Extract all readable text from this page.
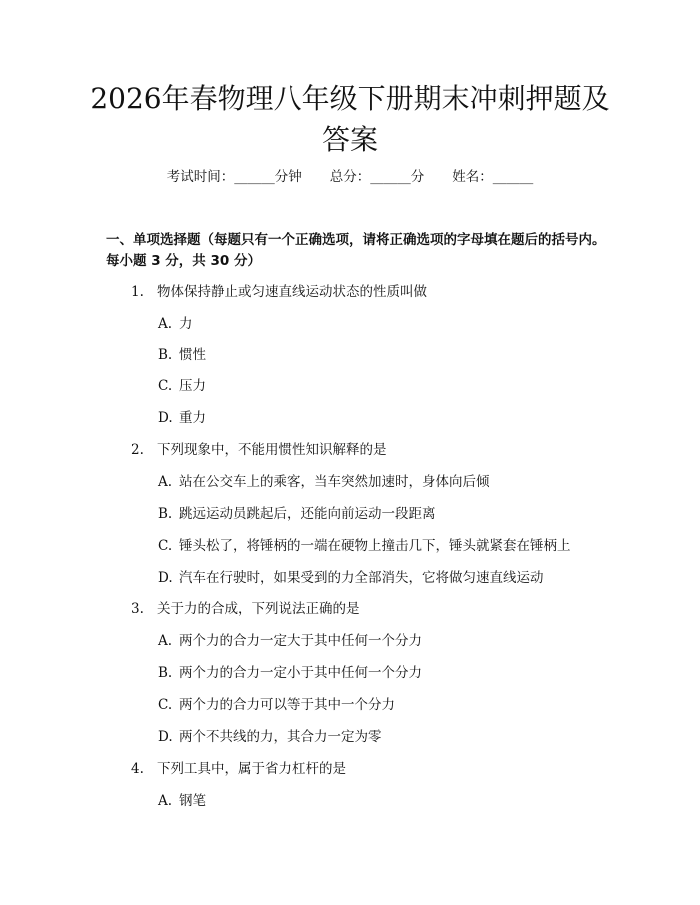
2026年春物理八年级下册期末冲刺押题及答案
考试时间：______分钟 总分：______分 姓名：______

一、单项选择题（每题只有一个正确选项，请将正确选项的字母填在题后的括号内。每小题 3 分，共 30 分）

1. 物体保持静止或匀速直线运动状态的性质叫做
A. 力
B. 惯性
C. 压力
D. 重力
2. 下列现象中，不能用惯性知识解释的是
A. 站在公交车上的乘客，当车突然加速时，身体向后倾
B. 跳远运动员跳起后，还能向前运动一段距离
C. 锤头松了，将锤柄的一端在硬物上撞击几下，锤头就紧套在锤柄上
D. 汽车在行驶时，如果受到的力全部消失，它将做匀速直线运动
3. 关于力的合成，下列说法正确的是
A. 两个力的合力一定大于其中任何一个分力
B. 两个力的合力一定小于其中任何一个分力
C. 两个力的合力可以等于其中一个分力
D. 两个不共线的力，其合力一定为零
4. 下列工具中，属于省力杠杆的是
A. 钢笔
